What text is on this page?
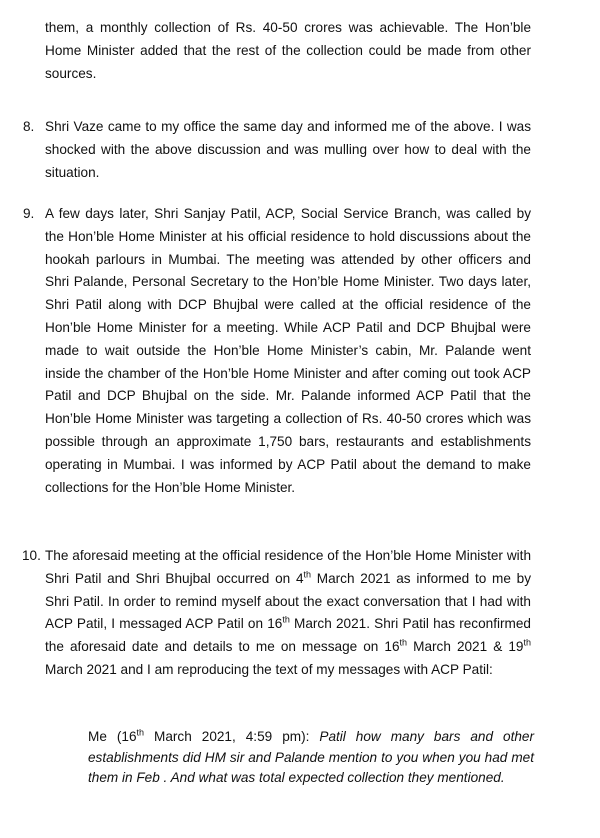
them, a monthly collection of Rs. 40-50 crores was achievable. The Hon’ble Home Minister added that the rest of the collection could be made from other sources.

8. Shri Vaze came to my office the same day and informed me of the above. I was shocked with the above discussion and was mulling over how to deal with the situation.

9. A few days later, Shri Sanjay Patil, ACP, Social Service Branch, was called by the Hon’ble Home Minister at his official residence to hold discussions about the hookah parlours in Mumbai. The meeting was attended by other officers and Shri Palande, Personal Secretary to the Hon’ble Home Minister. Two days later, Shri Patil along with DCP Bhujbal were called at the official residence of the Hon’ble Home Minister for a meeting. While ACP Patil and DCP Bhujbal were made to wait outside the Hon’ble Home Minister’s cabin, Mr. Palande went inside the chamber of the Hon’ble Home Minister and after coming out took ACP Patil and DCP Bhujbal on the side. Mr. Palande informed ACP Patil that the Hon’ble Home Minister was targeting a collection of Rs. 40-50 crores which was possible through an approximate 1,750 bars, restaurants and establishments operating in Mumbai. I was informed by ACP Patil about the demand to make collections for the Hon’ble Home Minister.

10. The aforesaid meeting at the official residence of the Hon’ble Home Minister with Shri Patil and Shri Bhujbal occurred on 4th March 2021 as informed to me by Shri Patil. In order to remind myself about the exact conversation that I had with ACP Patil, I messaged ACP Patil on 16th March 2021. Shri Patil has reconfirmed the aforesaid date and details to me on message on 16th March 2021 & 19th March 2021 and I am reproducing the text of my messages with ACP Patil:

Me (16th March 2021, 4:59 pm): Patil how many bars and other establishments did HM sir and Palande mention to you when you had met them in Feb . And what was total expected collection they mentioned.
